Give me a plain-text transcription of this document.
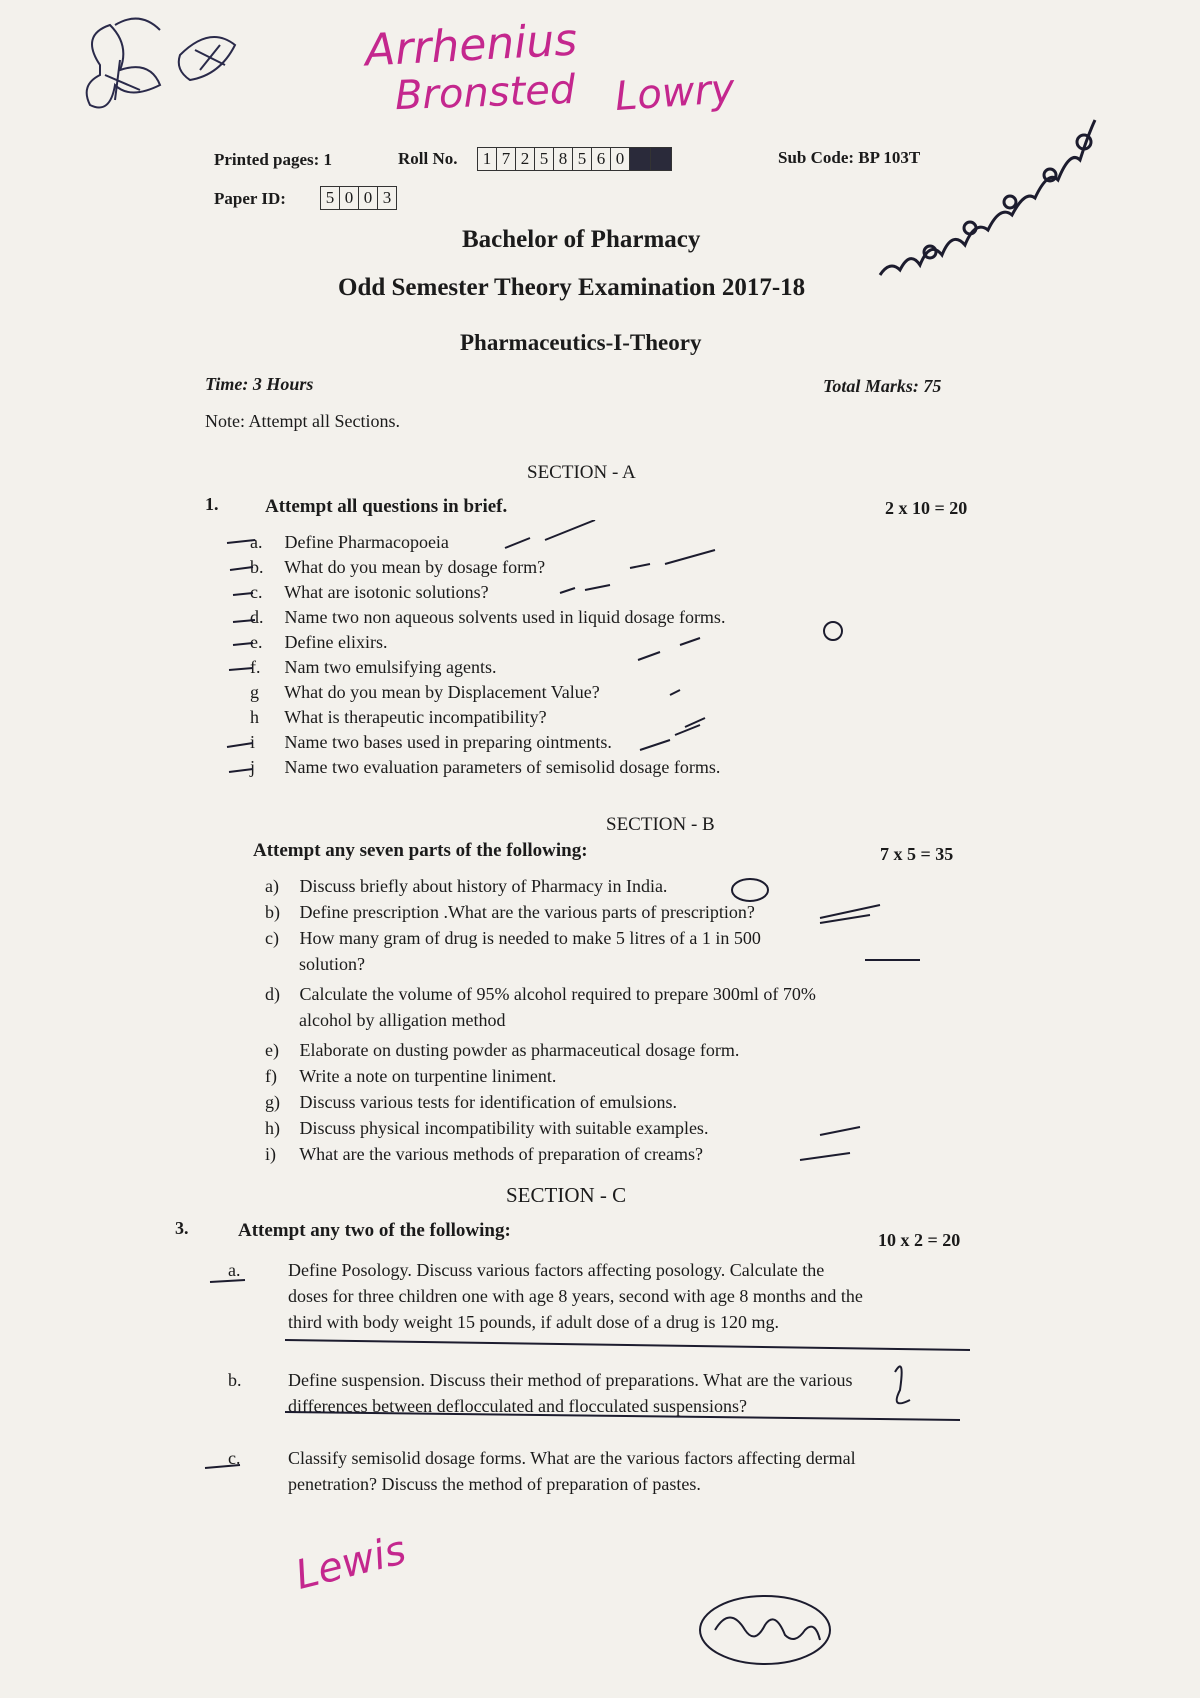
Arrhenius
Bronsted Lowry
Printed pages: 1	Roll No.	1 7 2 5 8 5 6 0	Sub Code: BP 103T
Paper ID:	5 0 0 3
Bachelor of Pharmacy
Odd Semester Theory Examination 2017-18
Pharmaceutics-I-Theory
Time: 3 Hours	Total Marks: 75
Note: Attempt all Sections.
SECTION - A
1. Attempt all questions in brief.	2 x 10 = 20
a. Define Pharmacopoeia
b. What do you mean by dosage form?
c. What are isotonic solutions?
d. Name two non aqueous solvents used in liquid dosage forms.
e. Define elixirs.
f. Nam two emulsifying agents.
g What do you mean by Displacement Value?
h What is therapeutic incompatibility?
i Name two bases used in preparing ointments.
j Name two evaluation parameters of semisolid dosage forms.
SECTION - B
Attempt any seven parts of the following:	7 x 5 = 35
a) Discuss briefly about history of Pharmacy in India.
b) Define prescription .What are the various parts of prescription?
c) How many gram of drug is needed to make 5 litres of a 1 in 500
solution?
d) Calculate the volume of 95% alcohol required to prepare 300ml of 70%
alcohol by alligation method
e) Elaborate on dusting powder as pharmaceutical dosage form.
f) Write a note on turpentine liniment.
g) Discuss various tests for identification of emulsions.
h) Discuss physical incompatibility with suitable examples.
i) What are the various methods of preparation of creams?
SECTION - C
3.	Attempt any two of the following:	10 x 2 = 20
a.	Define Posology. Discuss various factors affecting posology. Calculate the
doses for three children one with age 8 years, second with age 8 months and the
third with body weight 15 pounds, if adult dose of a drug is 120 mg.
b.	Define suspension. Discuss their method of preparations. What are the various
differences between deflocculated and flocculated suspensions?
c.	Classify semisolid dosage forms. What are the various factors affecting dermal
penetration? Discuss the method of preparation of pastes.
Lewis
